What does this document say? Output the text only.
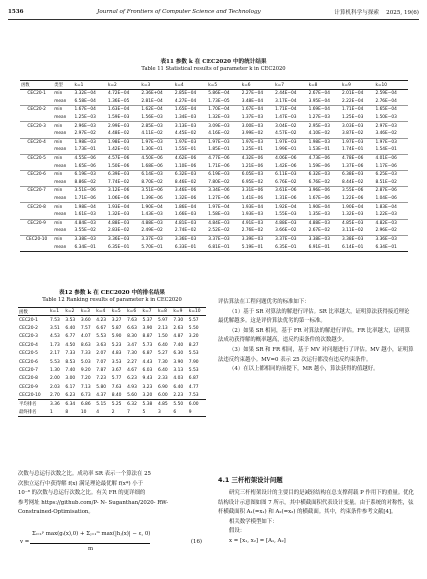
1536	Journal of Frontiers of Computer Science and Technology	计算机科学与探索 2025, 19(6)
表11 参数 k 在 CEC2020 中的统计结果
Table 11 Statistical results of parameter k in CEC2020
函数	类型	k=1	k=2	k=3	k=4	k=5	k=6	k=7	k=8	k=9	k=10
CEC20-1	min	3.32E−04	4.72E−04	2.36E+04	2.85E−04	5.86E−04	2.27E−04	2.44E−04	2.67E−04	2.01E−04	2.59E−04
	mean	6.58E−04	1.36E−05	2.81E−04	4.27E−04	1.73E−05	3.48E−04	3.17E−04	3.95E−04	2.22E−04	2.76E−04
CEC20-2	min	1.67E−04	1.63E−04	1.62E−04	1.65E−04	1.70E−04	1.67E−04	1.71E−04	1.69E−04	1.71E−04	1.65E−04
	mean	1.25E−03	1.59E−03	1.56E−03	1.34E−03	1.32E−03	1.37E−03	1.47E−03	1.27E−03	1.25E−03	1.50E−03
CEC20-3	min	2.96E−03	2.99E−03	2.85E−03	3.13E−03	3.09E−03	3.00E−03	3.04E−02	2.95E−03	3.03E−03	2.97E−03
	mean	2.97E−02	4.48E−02	4.11E−02	4.45E−02	4.16E−02	3.99E−02	4.57E−02	4.10E−02	3.87E−02	3.46E−02
CEC20-4	min	1.98E−03	1.98E−03	1.97E−03	1.97E−03	1.97E−03	1.97E−03	1.97E−03	1.98E−03	1.97E−03	1.97E−03
	mean	1.73E−01	1.42E−01	1.30E−01	1.55E−01	1.85E−01	1.25E−01	1.99E−01	1.53E−01	1.74E−01	1.54E−01
CEC20-5	min	4.55E−06	4.57E−06	4.50E−06	4.62E−06	4.77E−06	4.32E−06	4.06E−06	4.73E−06	4.78E−06	4.01E−06
	mean	1.65E−06	1.50E−06	1.68E−06	1.10E−06	1.71E−06	1.21E−06	1.42E−06	1.59E−06	1.37E−06	1.17E−06
CEC20-6	min	6.19E−03	6.39E−03	6.14E−03	6.32E−03	6.19E−03	6.05E−03	6.11E−03	6.32E−03	6.38E−03	6.25E−03
	mean	8.86E−02	7.74E−02	8.70E−02	8.46E−02	7.80E−02	6.95E−02	6.76E−02	6.76E−02	8.44E−02	8.51E−02
CEC20-7	min	3.51E−06	3.12E−06	3.51E−06	3.46E−06	3.34E−06	3.31E−06	3.61E−06	3.96E−06	3.55E−06	2.87E−06
	mean	1.71E−06	1.06E−06	1.39E−06	1.32E−06	1.27E−06	1.41E−06	1.31E−06	1.67E−06	1.22E−06	1.04E−06
CEC20-8	min	1.98E−04	1.93E−04	1.90E−04	1.86E−04	1.97E−04	1.93E−04	1.92E−04	1.90E−04	1.90E−04	1.83E−04
	mean	1.61E−03	1.32E−03	1.43E−03	1.66E−03	1.58E−03	1.93E−03	1.55E−03	1.35E−03	1.32E−03	1.22E−03
CEC20-9	min	4.84E−03	4.88E−03	4.88E−03	4.81E−03	4.84E−03	4.91E−03	4.88E−03	4.88E−03	4.85E−03	4.82E−03
	mean	3.55E−02	2.83E−02	2.49E−02	2.74E−02	2.52E−02	2.76E−02	3.66E−02	2.67E−02	3.11E−02	2.96E−02
CEC20-10	min	3.38E−03	3.36E−03	3.37E−03	3.36E−03	3.37E−03	3.39E−03	3.37E−03	3.38E−03	3.38E−03	3.36E−03
	mean	6.34E−01	6.35E−01	5.70E−01	6.33E−01	6.81E−01	5.19E−01	6.35E−01	6.91E−01	6.14E−01	6.34E−01
表12 参数 k 在 CEC2020 中的排名结果
Table 12 Ranking results of parameter k in CEC2020
函数	k=1	k=2	k=3	k=4	k=5	k=6	k=7	k=8	k=9	k=10
CEC20-1	7.53	3.53	3.60	4.23	3.27	7.63	5.37	5.97	7.30	5.57
CEC20-2	3.51	6.40	7.57	6.67	5.87	6.63	3.90	2.13	2.63	5.50
CEC20-3	4.53	6.77	4.07	5.53	5.90	8.30	8.87	1.50	4.87	3.20
CEC20-4	1.73	4.50	8.63	3.63	5.23	3.47	5.73	6.40	7.40	8.27
CEC20-5	2.17	7.33	7.33	2.07	4.83	7.30	6.87	5.27	6.30	5.53
CEC20-6	5.53	8.53	5.03	7.07	3.53	2.27	4.43	7.30	3.90	7.90
CEC20-7	1.30	7.40	9.20	7.87	3.67	4.67	6.03	6.40	3.13	5.53
CEC20-8	2.00	3.00	7.20	7.23	5.77	6.23	9.43	2.33	4.03	6.87
CEC20-9	2.03	6.17	7.13	5.80	7.63	4.93	3.23	6.90	6.40	4.77
CEC20-10	2.70	6.23	6.73	4.37	8.40	5.60	3.20	6.00	2.23	7.53
平均排名	3.36	6.34	6.86	5.15	5.25	6.32	5.38	4.85	5.50	6.00
最终排名	1	8	10	4	2	7	5	3	6	9
次数与总运行次数之比。成功率 SR 表示一个算法在 25
次独立运行中获得解 f(x) 满足理论最优解 f(x*) 小于
10⁻⁸ 的次数与总运行次数之比。有关 FR 的更详细的
参考网址 https://github.com/P- N- Suganthan/2020- RW-
Constrained-Optimisation。
v =
Σᵢ₌₁ᵖ max(gᵢ(x),0) + Σⱼ₌₁ᵐ max(|hⱼ(x)| − ε, 0)
m
(16)

评估算法在工程问题优劣的标准如下：

（1）基于 SR 对算法的解进行评估。SR 比率越大，证明算法获得接近理论最优解越多。这是评价算法优劣的第一标准。

（2）如果 SR 相同，基于 FR 对算法的解进行评估。FR 比率越大，证明算法成功获得解的概率越高，违反约束条件的次数越少。

（3）如果 SR 和 FR 相同，基于 MV 对问题进行了评估。MV 越小，证明算法违反约束越小。MV=0 表示 25 次运行都没有违反约束条件。

（4）在以上都相同的前提下，MR 越小，算法获得的值越好。

4.1 三杆桁架设计问题

研究三杆桁架设计的主要目的是减轻结构在总支撑荷载 P 作用下的重量。优化结构设计示意图如图 7 所示，其中横截面积代表设计变量。由于系统的对称性，弦杆横截面积 A₁(=x₁) 和 A₂(=x₃) 的横截面。其中，约束条件参考文献[4]。

相关数学模型如下：

假设：

x = [x₁, x₂] = [A₁, A₂]
